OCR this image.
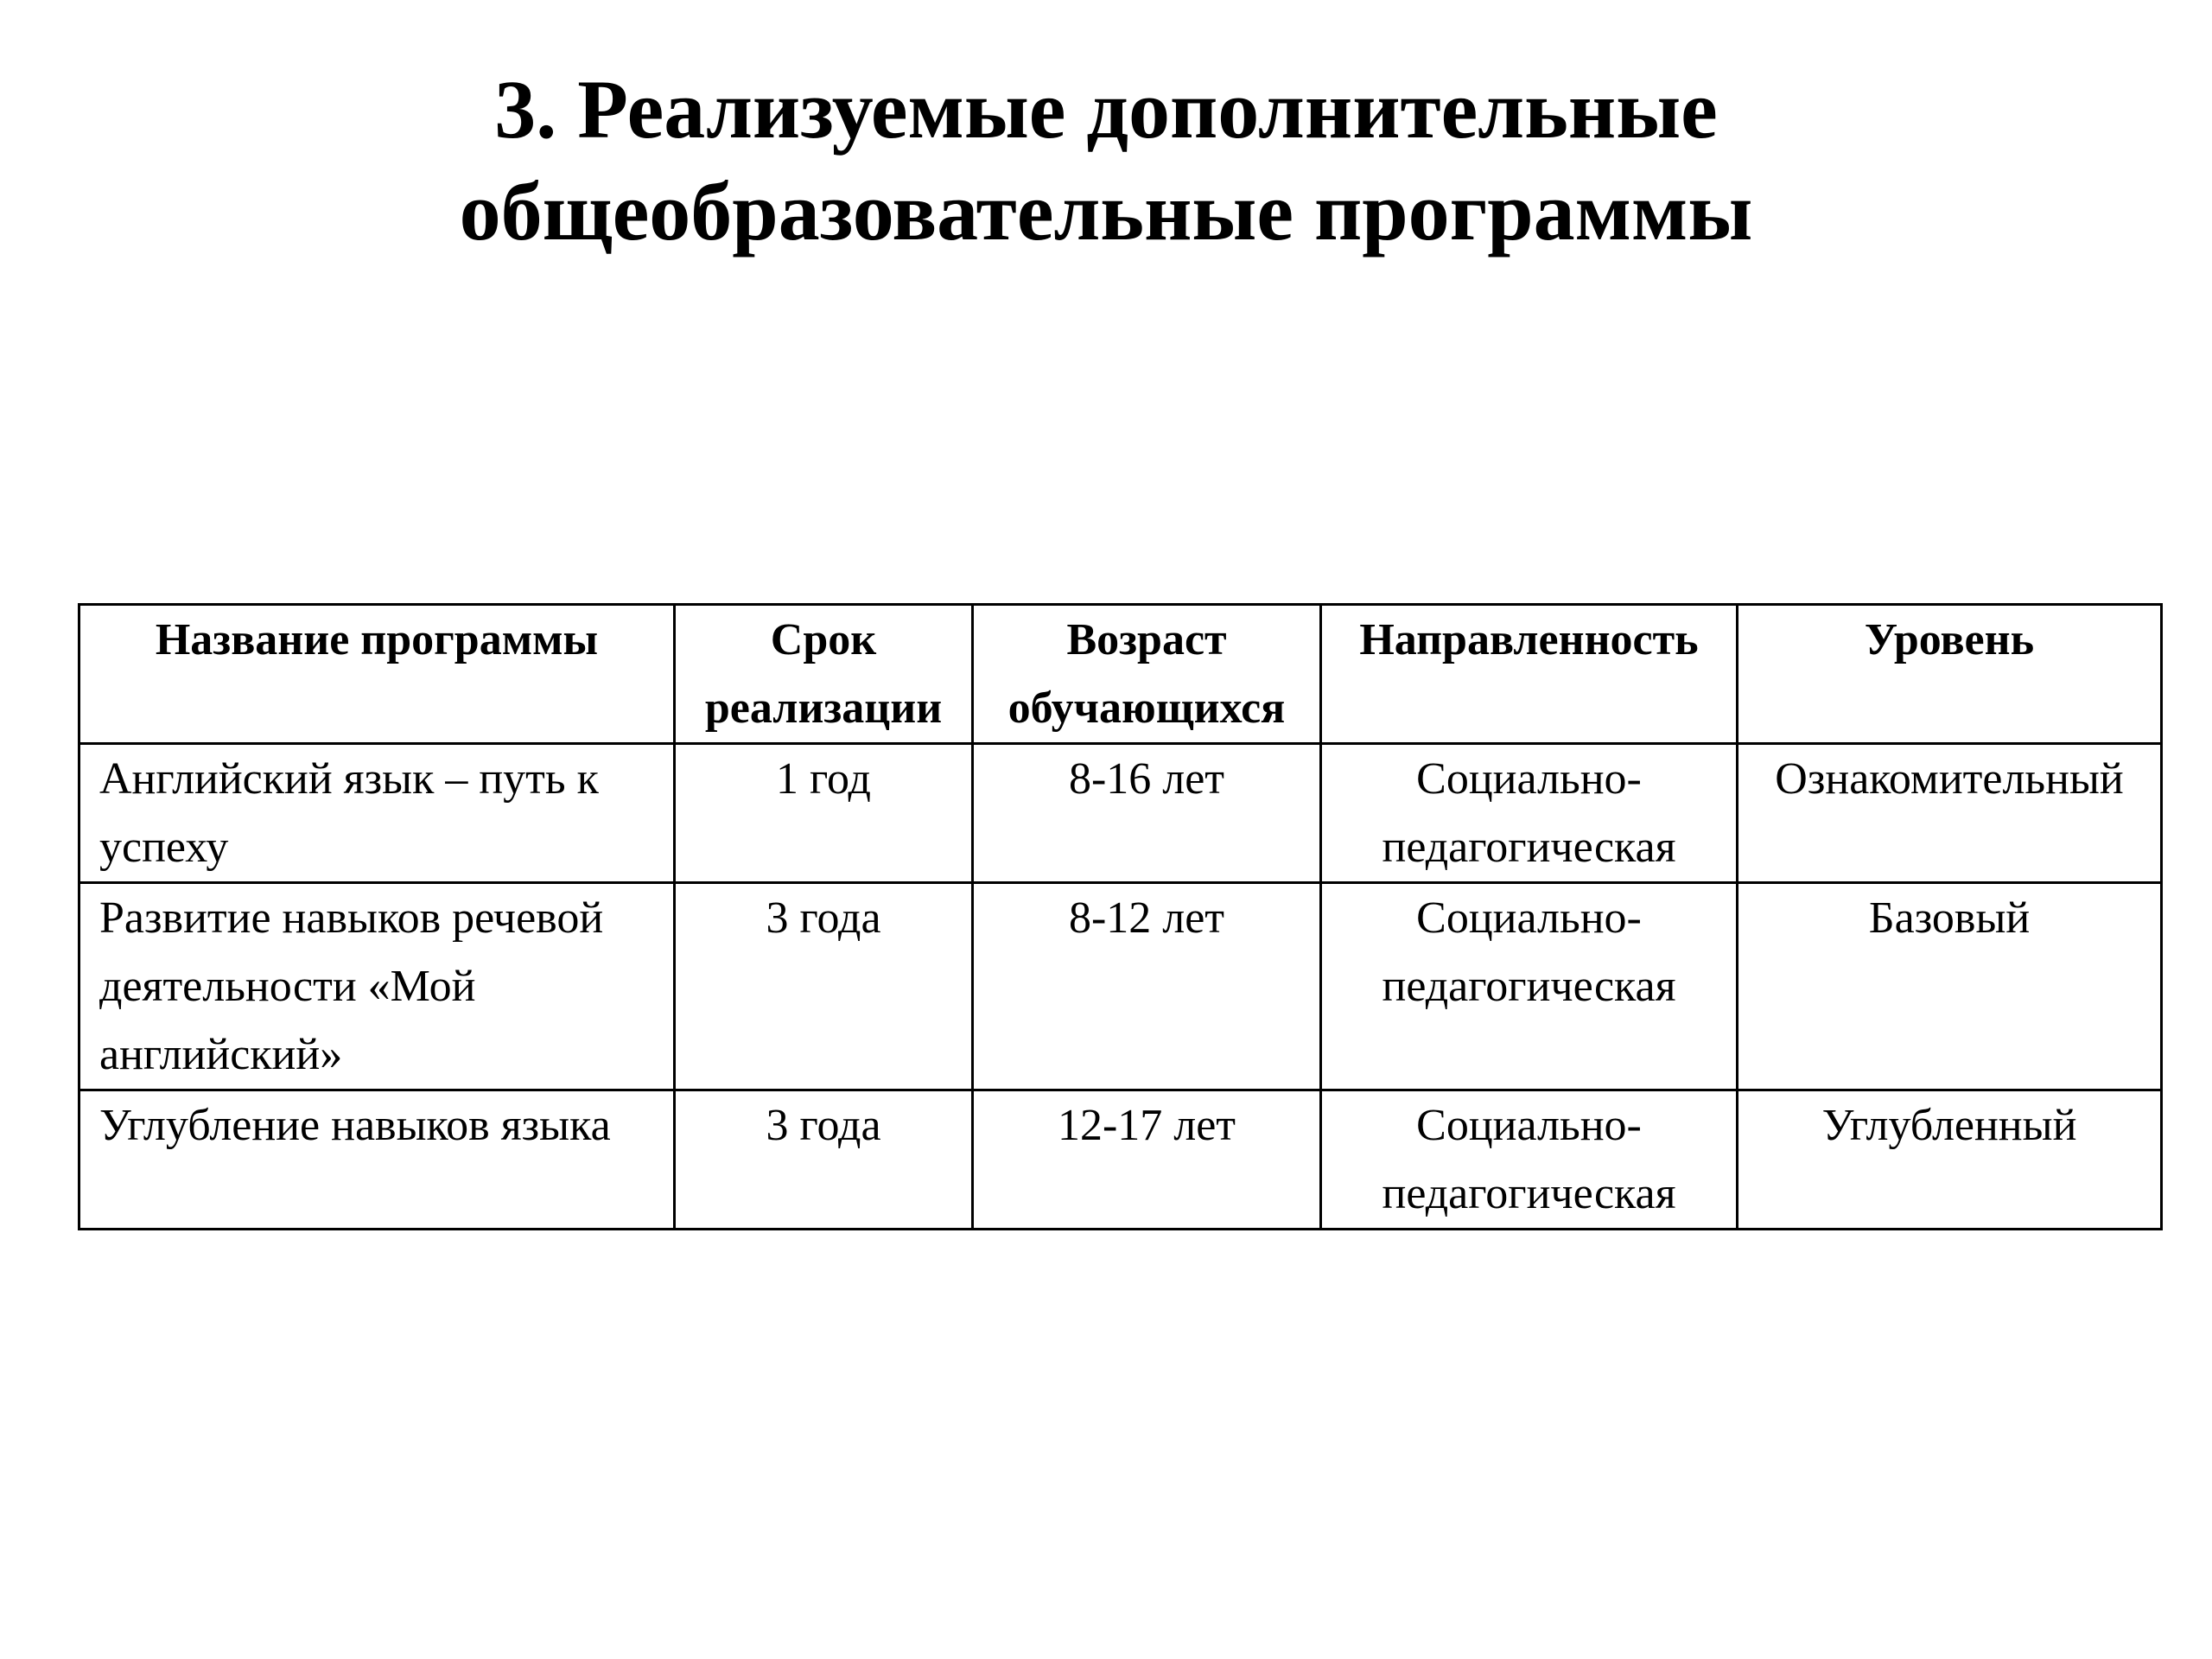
3. Реализуемые дополнительные
общеобразовательные программы
Название программы	Срок реализации	Возраст обучающихся	Направленность	Уровень
Английский язык – путь к успеху	1 год	8-16 лет	Социально-педагогическая	Ознакомительный
Развитие навыков речевой деятельности «Мой английский»	3 года	8-12 лет	Социально-педагогическая	Базовый
Углубление навыков языка	3 года	12-17 лет	Социально-педагогическая	Углубленный
